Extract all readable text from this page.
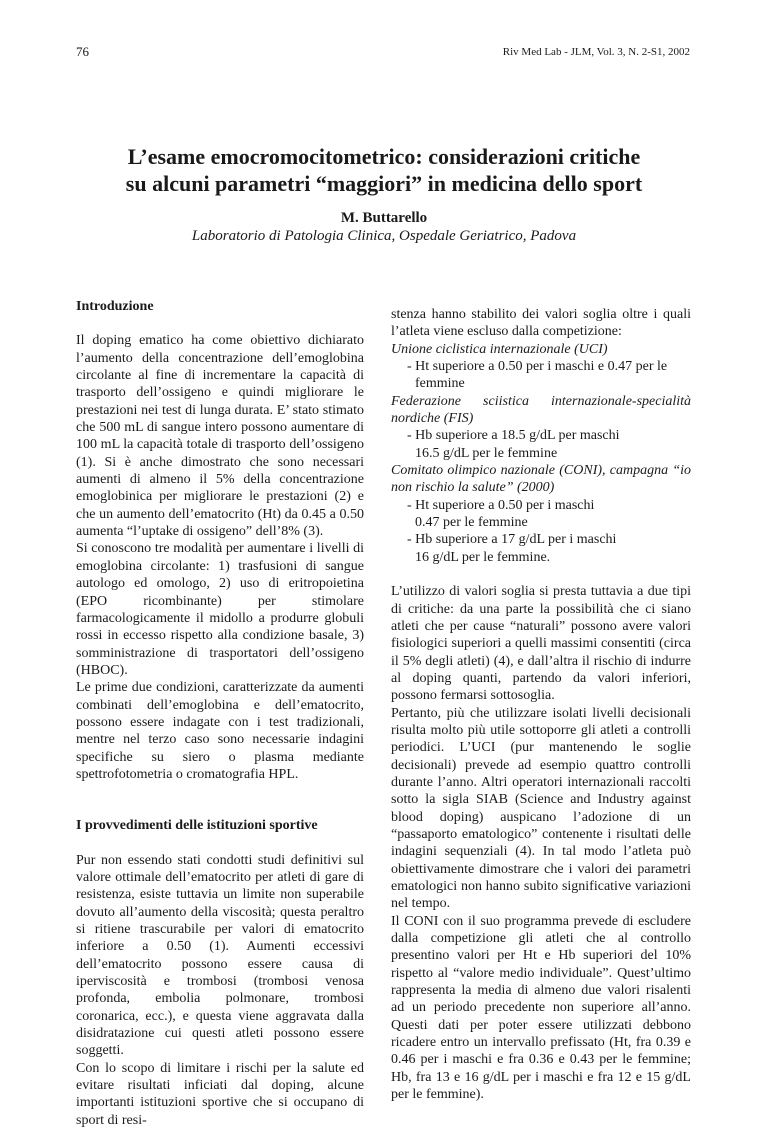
76	Riv Med Lab - JLM, Vol. 3, N. 2-S1, 2002
L’esame emocromocitometrico: considerazioni critiche
su alcuni parametri “maggiori” in medicina dello sport
M. Buttarello
Laboratorio di Patologia Clinica, Ospedale Geriatrico, Padova

Introduzione

Il doping ematico ha come obiettivo dichiarato l’aumento della concentrazione dell’emoglobina circolante al fine di incrementare la capacità di trasporto dell’ossigeno e quindi migliorare le prestazioni nei test di lunga durata. E’ stato stimato che 500 mL di sangue intero possono aumentare di 100 mL la capacità totale di trasporto dell’ossigeno (1). Si è anche dimostrato che sono necessari aumenti di almeno il 5% della concentrazione emoglobinica per migliorare le prestazioni (2) e che un aumento dell’ematocrito (Ht) da 0.45 a 0.50 aumenta “l’uptake di ossigeno” dell’8% (3).

Si conoscono tre modalità per aumentare i livelli di emoglobina circolante: 1) trasfusioni di sangue autologo ed omologo, 2) uso di eritropoietina (EPO ricombinante) per stimolare farmacologicamente il midollo a produrre globuli rossi in eccesso rispetto alla condizione basale, 3) somministrazione di trasportatori dell’ossigeno (HBOC).

Le prime due condizioni, caratterizzate da aumenti combinati dell’emoglobina e dell’ematocrito, possono essere indagate con i test tradizionali, mentre nel terzo caso sono necessarie indagini specifiche su siero o plasma mediante spettrofotometria o cromatografia HPL.

I provvedimenti delle istituzioni sportive

Pur non essendo stati condotti studi definitivi sul valore ottimale dell’ematocrito per atleti di gare di resistenza, esiste tuttavia un limite non superabile dovuto all’aumento della viscosità; questa peraltro si ritiene trascurabile per valori di ematocrito inferiore a 0.50 (1). Aumenti eccessivi dell’ematocrito possono essere causa di iperviscosità e trombosi (trombosi venosa profonda, embolia polmonare, trombosi coronarica, ecc.), e questa viene aggravata dalla disidratazione cui questi atleti possono essere soggetti.

Con lo scopo di limitare i rischi per la salute ed evitare risultati inficiati dal doping, alcune importanti istituzioni sportive che si occupano di sport di resi-

stenza hanno stabilito dei valori soglia oltre i quali l’atleta viene escluso dalla competizione:

Unione ciclistica internazionale (UCI)

- Ht superiore a 0.50 per i maschi e 0.47 per le

femmine

Federazione sciistica internazionale-specialità nordiche (FIS)

- Hb superiore a 18.5 g/dL per maschi

16.5 g/dL per le femmine

Comitato olimpico nazionale (CONI), campagna “io non rischio la salute” (2000)

- Ht superiore a 0.50 per i maschi

0.47 per le femmine

- Hb superiore a 17 g/dL per i maschi

16 g/dL per le femmine.

L’utilizzo di valori soglia si presta tuttavia a due tipi di critiche: da una parte la possibilità che ci siano atleti che per cause “naturali” possono avere valori fisiologici superiori a quelli massimi consentiti (circa il 5% degli atleti) (4), e dall’altra il rischio di indurre al doping quanti, partendo da valori inferiori, possono fermarsi sottosoglia.

Pertanto, più che utilizzare isolati livelli decisionali risulta molto più utile sottoporre gli atleti a controlli periodici. L’UCI (pur mantenendo le soglie decisionali) prevede ad esempio quattro controlli durante l’anno. Altri operatori internazionali raccolti sotto la sigla SIAB (Science and Industry against blood doping) auspicano l’adozione di un “passaporto ematologico” contenente i risultati delle indagini sequenziali (4). In tal modo l’atleta può obiettivamente dimostrare che i valori dei parametri ematologici non hanno subito significative variazioni nel tempo.

Il CONI con il suo programma prevede di escludere dalla competizione gli atleti che al controllo presentino valori per Ht e Hb superiori del 10% rispetto al “valore medio individuale”. Quest’ultimo rappresenta la media di almeno due valori risalenti ad un periodo precedente non superiore all’anno. Questi dati per poter essere utilizzati debbono ricadere entro un intervallo prefissato (Ht, fra 0.39 e 0.46 per i maschi e fra 0.36 e 0.43 per le femmine; Hb, fra 13 e 16 g/dL per i maschi e fra 12 e 15 g/dL per le femmine).
